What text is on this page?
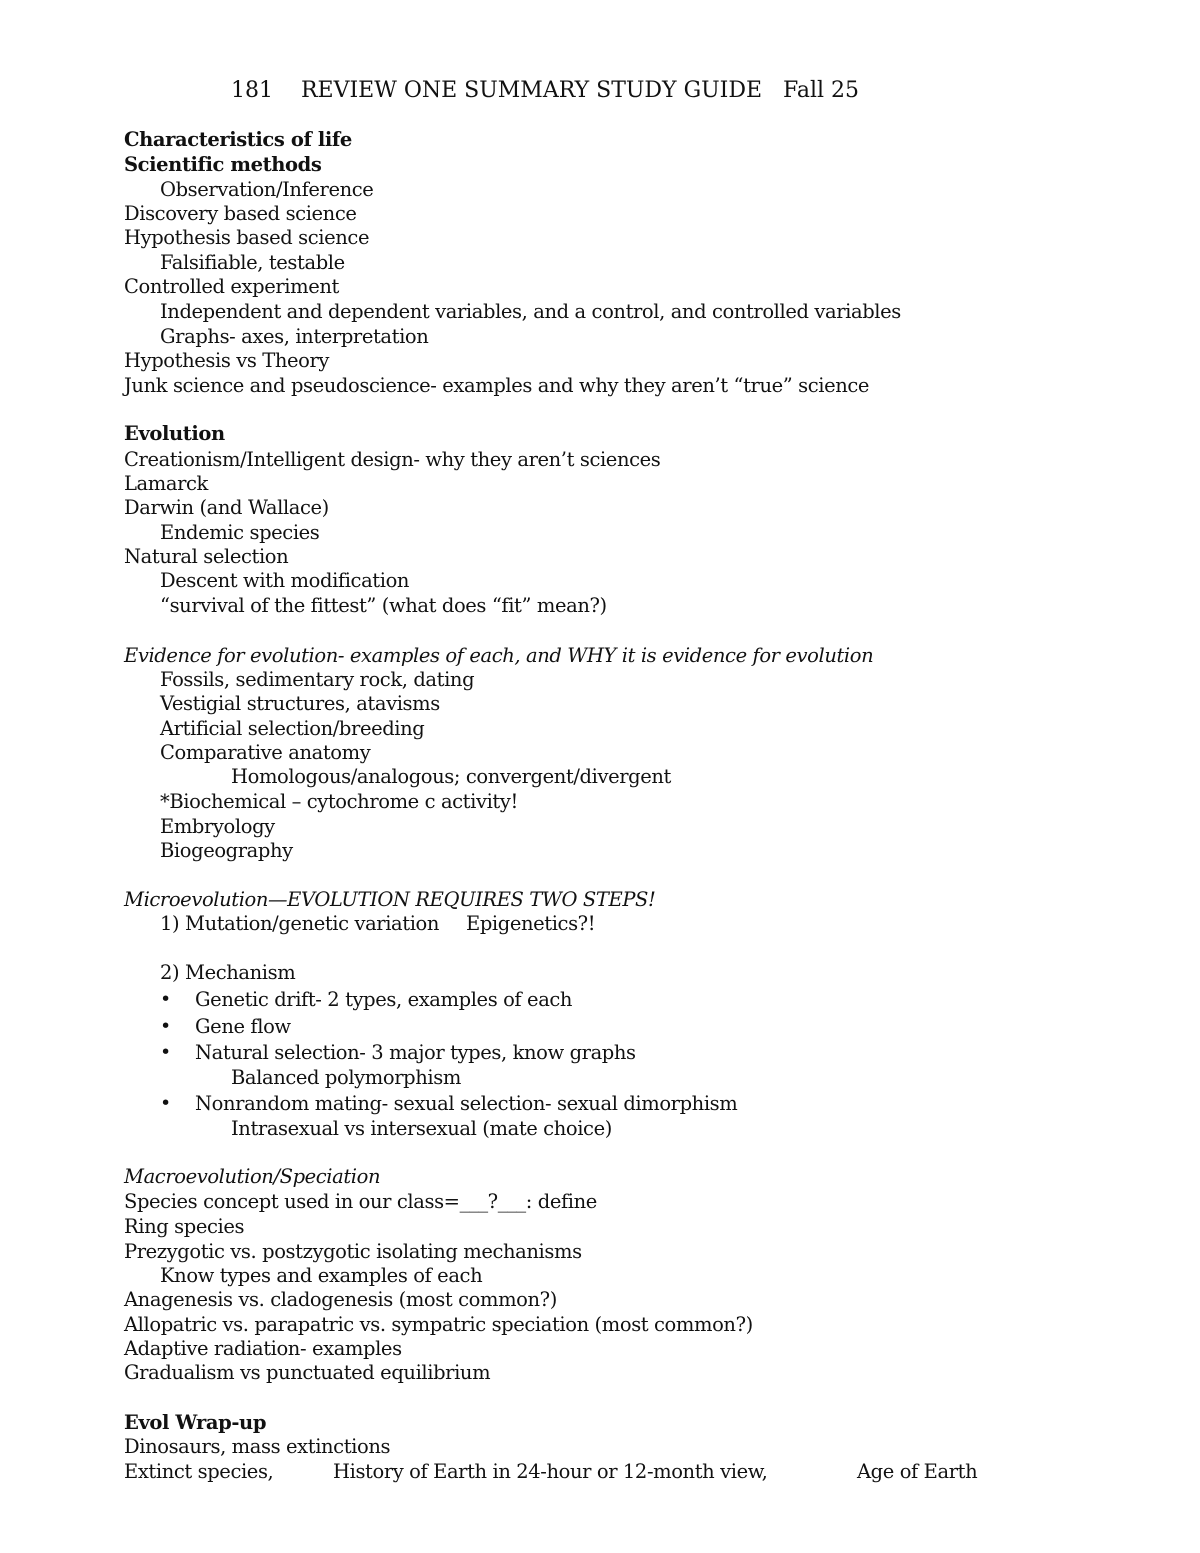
181    REVIEW ONE SUMMARY STUDY GUIDE   Fall 25
Characteristics of life
Scientific methods
Observation/Inference
Discovery based science
Hypothesis based science
Falsifiable, testable
Controlled experiment
Independent and dependent variables, and a control, and controlled variables
Graphs- axes, interpretation
Hypothesis vs Theory
Junk science and pseudoscience- examples and why they aren’t “true” science
Evolution
Creationism/Intelligent design- why they aren’t sciences
Lamarck
Darwin (and Wallace)
Endemic species
Natural selection
Descent with modification
“survival of the fittest” (what does “fit” mean?)
Evidence for evolution- examples of each, and WHY it is evidence for evolution
Fossils, sedimentary rock, dating
Vestigial structures, atavisms
Artificial selection/breeding
Comparative anatomy
Homologous/analogous; convergent/divergent
*Biochemical – cytochrome c activity!
Embryology
Biogeography
Microevolution—EVOLUTION REQUIRES TWO STEPS!
1) Mutation/genetic variation Epigenetics?!
2) Mechanism
• Genetic drift- 2 types, examples of each
• Gene flow
• Natural selection- 3 major types, know graphs
Balanced polymorphism
• Nonrandom mating- sexual selection- sexual dimorphism
Intrasexual vs intersexual (mate choice)
Macroevolution/Speciation
Species concept used in our class=___?___: define
Ring species
Prezygotic vs. postzygotic isolating mechanisms
Know types and examples of each
Anagenesis vs. cladogenesis (most common?)
Allopatric vs. parapatric vs. sympatric speciation (most common?)
Adaptive radiation- examples
Gradualism vs punctuated equilibrium
Evol Wrap-up
Dinosaurs, mass extinctions
Extinct species,	History of Earth in 24-hour or 12-month view,	Age of Earth
